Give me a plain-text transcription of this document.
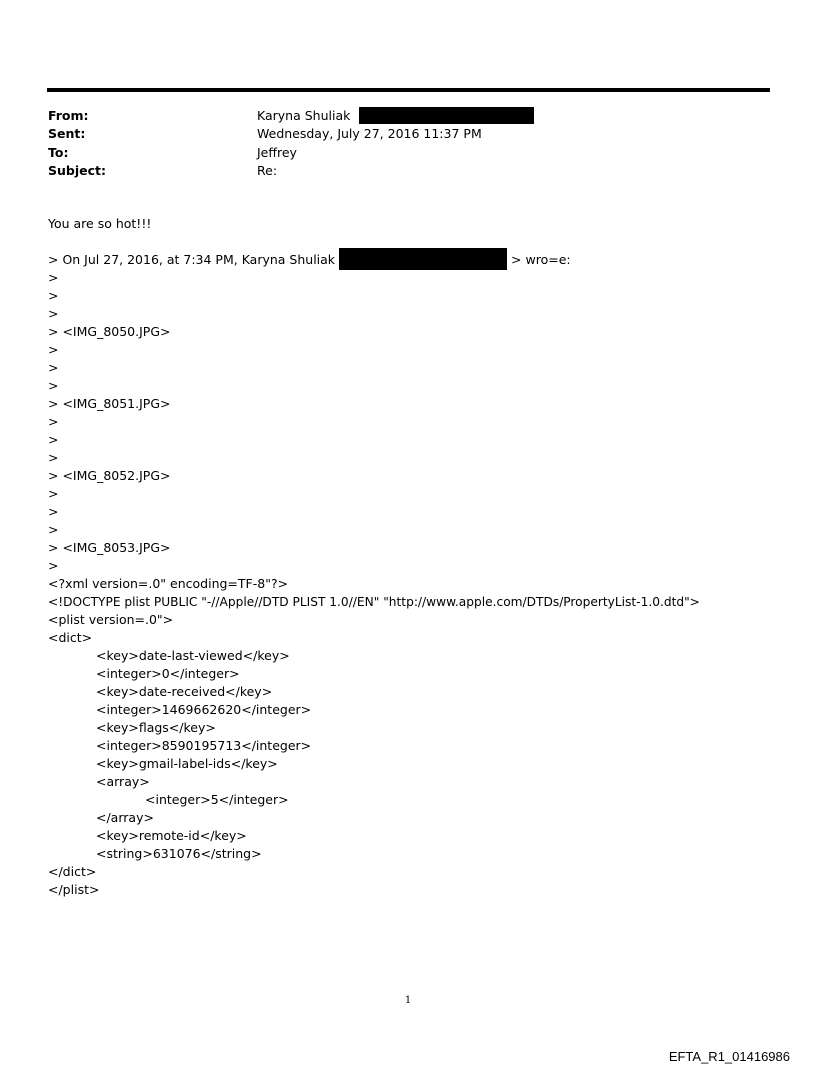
From:	Karyna Shuliak
Sent:	Wednesday, July 27, 2016 11:37 PM
To:	Jeffrey
Subject:	Re:
You are so hot!!!
> On Jul 27, 2016, at 7:34 PM, Karyna Shuliak	> wro=e:
>
>
>
> <IMG_8050.JPG>
>
>
>
> <IMG_8051.JPG>
>
>
>
> <IMG_8052.JPG>
>
>
>
> <IMG_8053.JPG>
>
<?xml version=.0" encoding=TF-8"?>
<!DOCTYPE plist PUBLIC "-//Apple//DTD PLIST 1.0//EN" "http://www.apple.com/DTDs/PropertyList-1.0.dtd">
<plist version=.0">
<dict>
<key>date-last-viewed</key>
<integer>0</integer>
<key>date-received</key>
<integer>1469662620</integer>
<key>flags</key>
<integer>8590195713</integer>
<key>gmail-label-ids</key>
<array>
<integer>5</integer>
</array>
<key>remote-id</key>
<string>631076</string>
</dict>
</plist>
1
EFTA_R1_01416986
